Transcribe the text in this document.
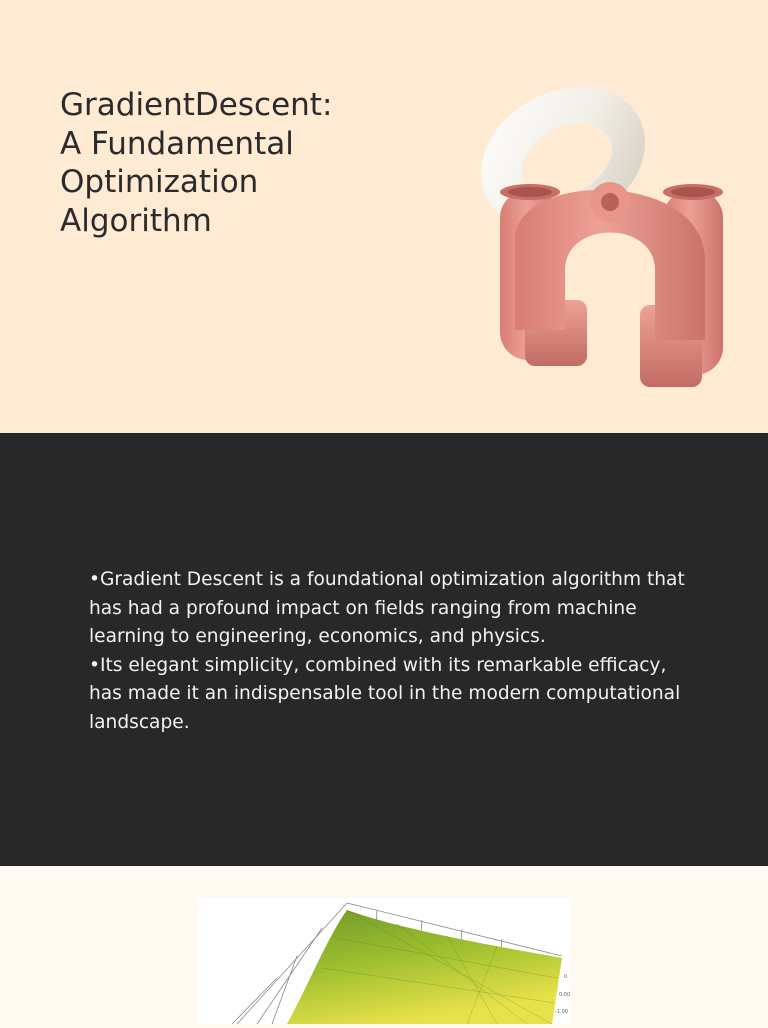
GradientDescent:
A Fundamental
Optimization
Algorithm

•Gradient Descent is a foundational optimization algorithm that has had a profound impact on fields ranging from machine learning to engineering, economics, and physics.

•Its elegant simplicity, combined with its remarkable efficacy, has made it an indispensable tool in the modern computational landscape.

0.
0.00
-1.00
